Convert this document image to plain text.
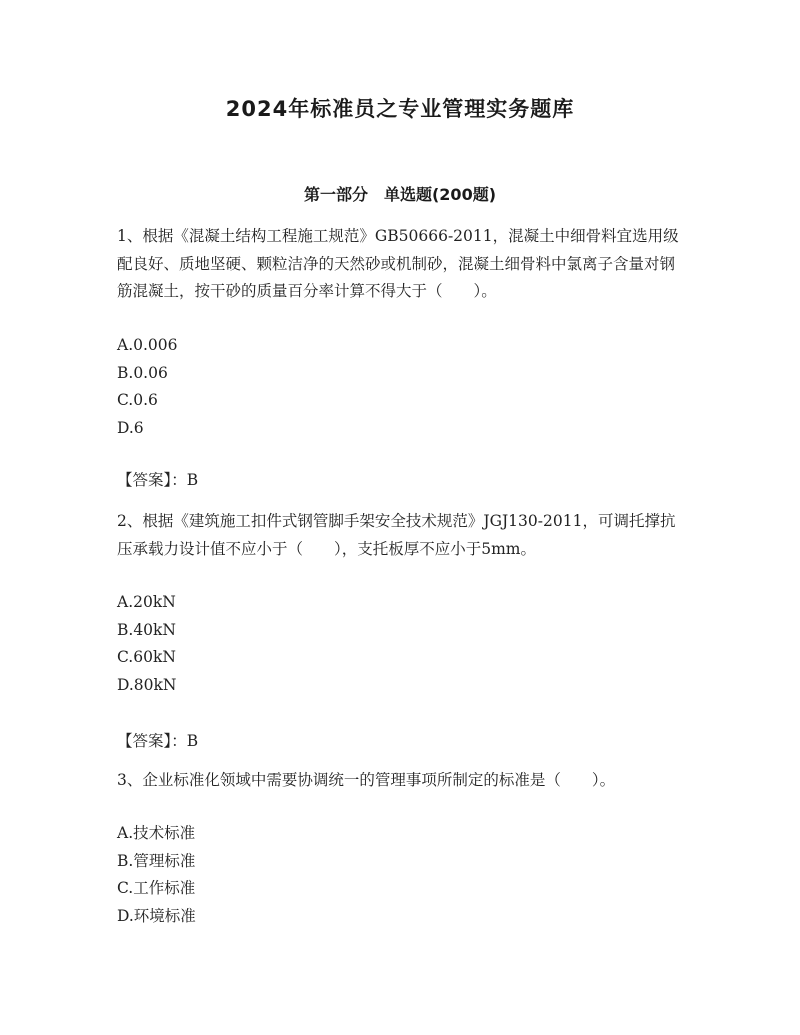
2024年标准员之专业管理实务题库
第一部分　单选题(200题)

1、根据《混凝土结构工程施工规范》GB50666-2011，混凝土中细骨料宜选用级配良好、质地坚硬、颗粒洁净的天然砂或机制砂，混凝土细骨料中氯离子含量对钢筋混凝土，按干砂的质量百分率计算不得大于（　　）。

A.0.006
B.0.06
C.0.6
D.6

【答案】：B

2、根据《建筑施工扣件式钢管脚手架安全技术规范》JGJ130-2011，可调托撑抗压承载力设计值不应小于（　　），支托板厚不应小于5mm。

A.20kN
B.40kN
C.60kN
D.80kN

【答案】：B

3、企业标准化领域中需要协调统一的管理事项所制定的标准是（　　）。

A.技术标准
B.管理标准
C.工作标准
D.环境标准
